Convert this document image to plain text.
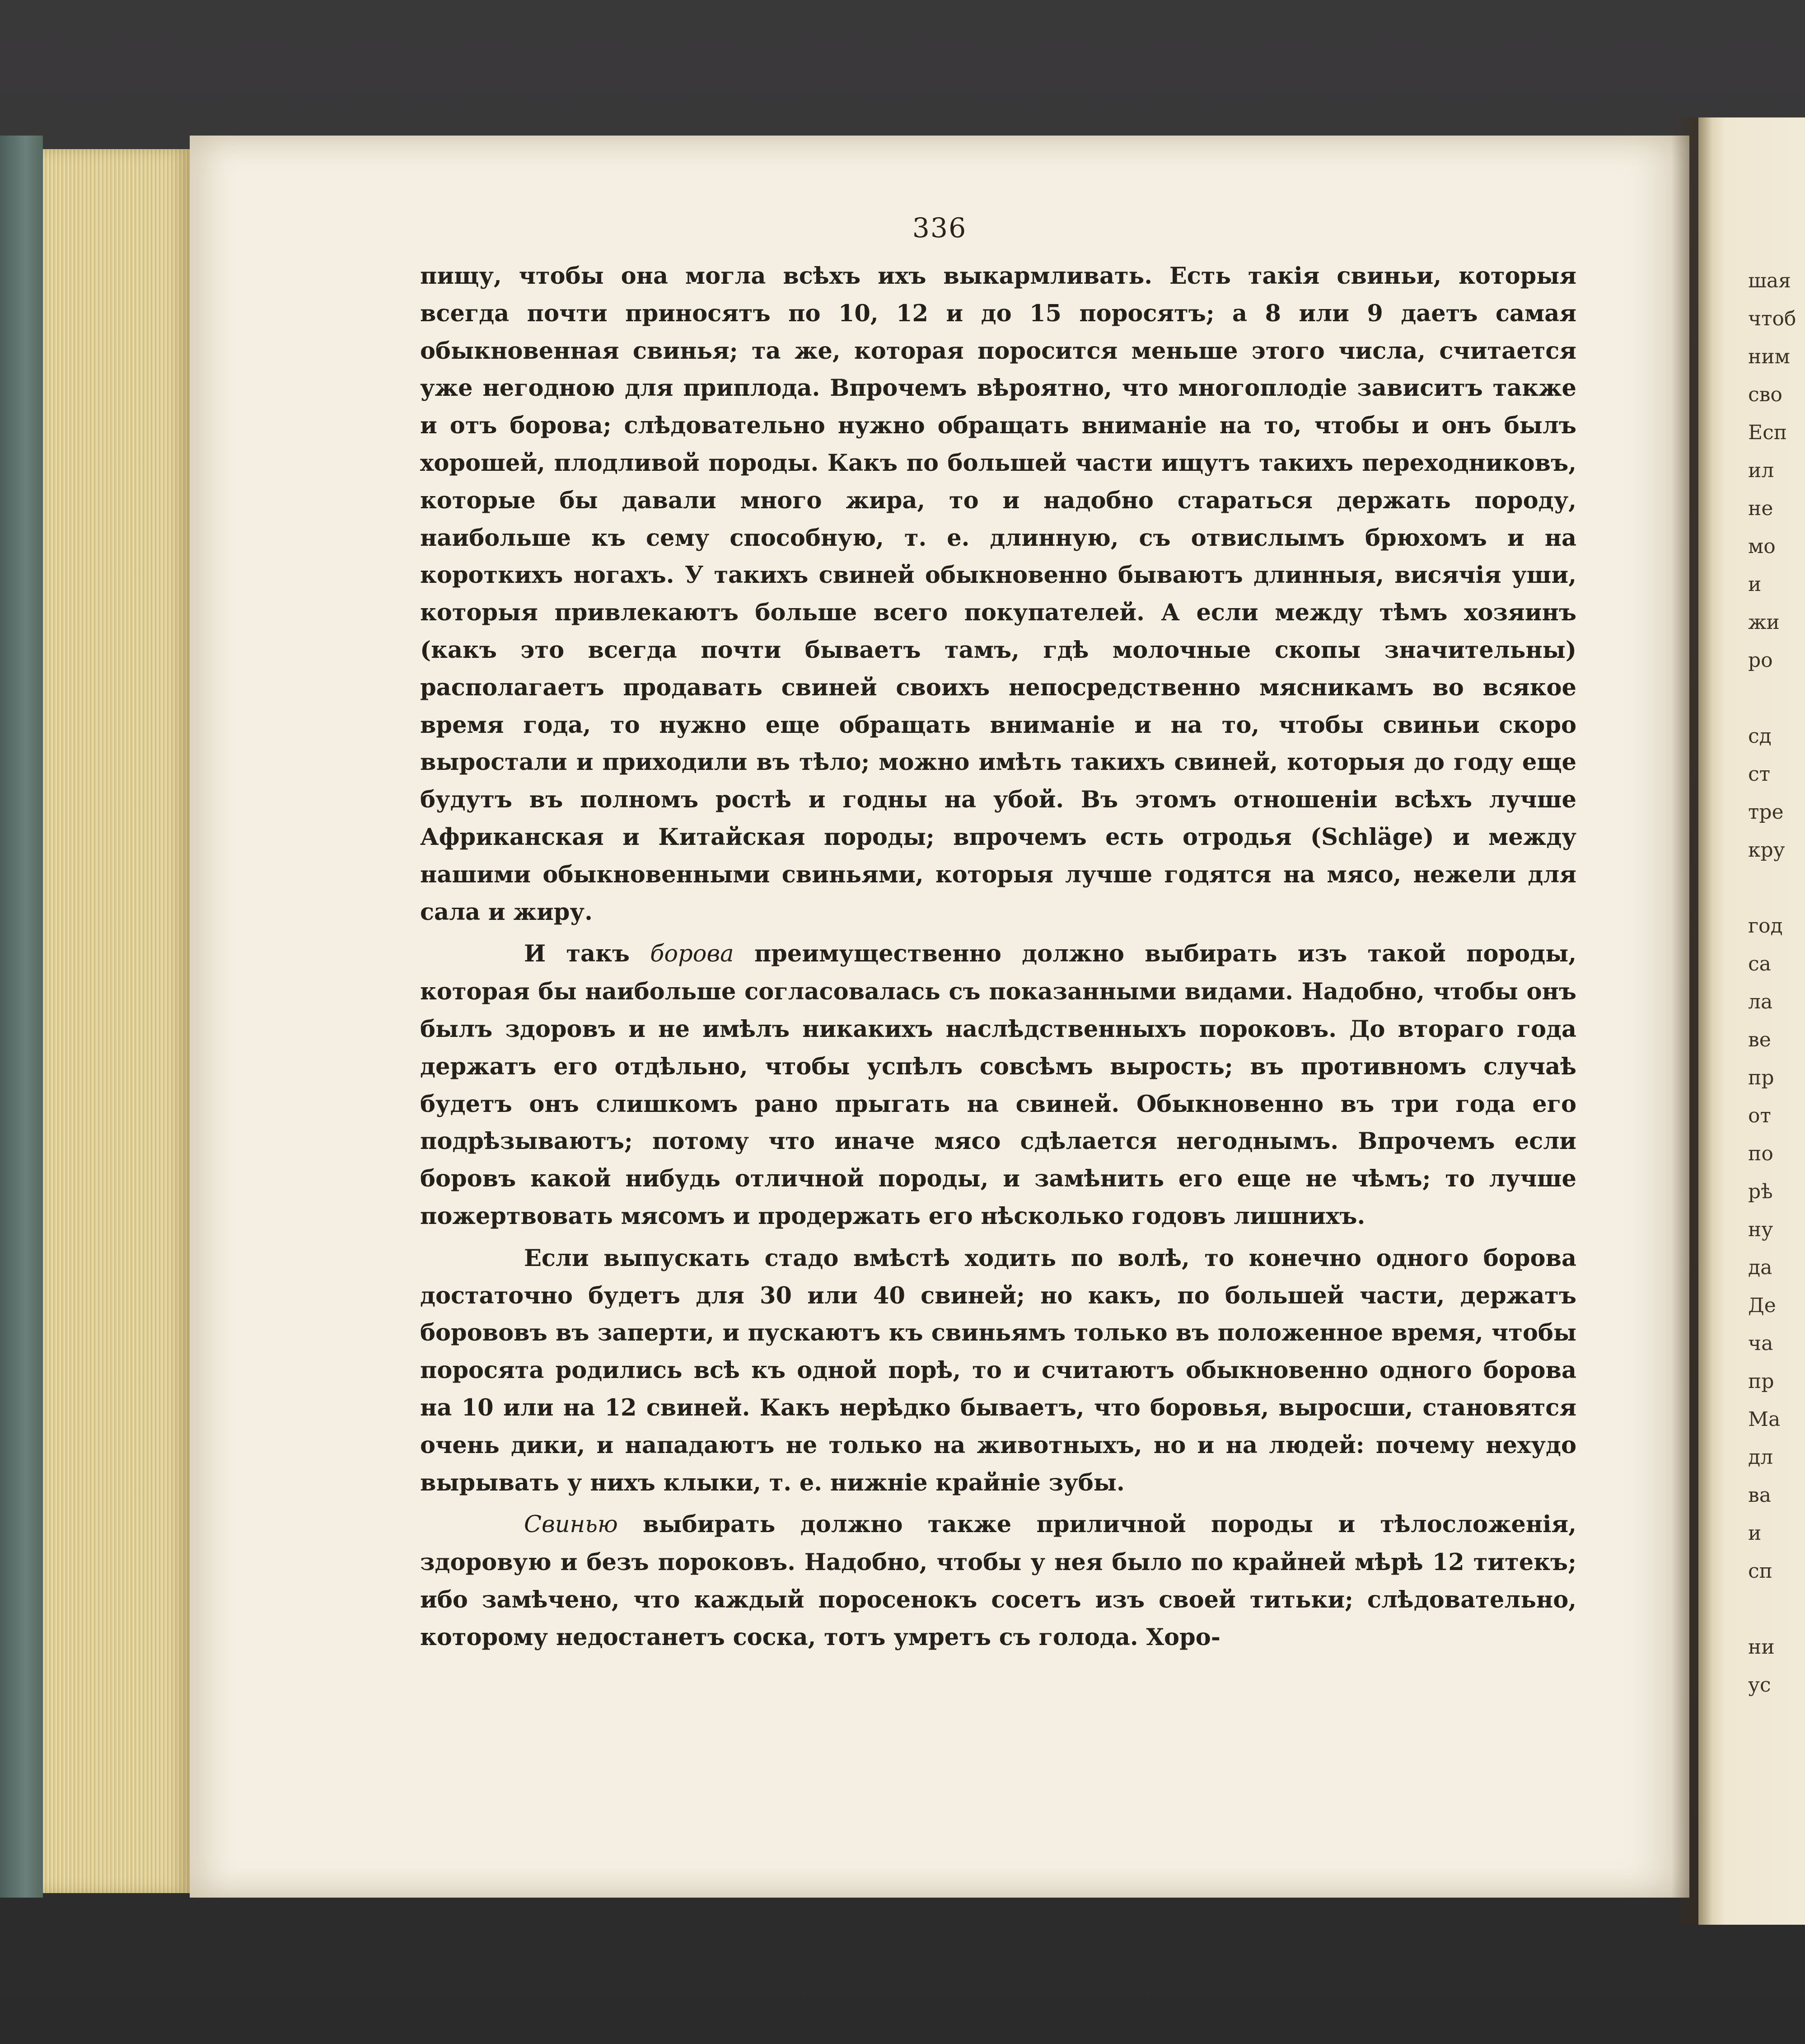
336

пищу, чтобы она могла всѣхъ ихъ выкармливать. Есть такія свиньи, которыя всегда почти приносятъ по 10, 12 и до 15 поросятъ; а 8 или 9 даетъ самая обыкновенная свинья; та же, которая поросится меньше этого числа, считается уже негодною для приплода. Впрочемъ вѣроятно, что многоплодіе зависитъ также и отъ борова; слѣдовательно нужно обращать вниманіе на то, чтобы и онъ былъ хорошей, плодливой породы. Какъ по большей части ищутъ такихъ переходниковъ, которые бы давали много жира, то и надобно стараться держать породу, наибольше къ сему способную, т. е. длинную, съ отвислымъ брюхомъ и на короткихъ ногахъ. У такихъ свиней обыкновенно бываютъ длинныя, висячія уши, которыя привлекаютъ больше всего покупателей. А если между тѣмъ хозяинъ (какъ это всегда почти бываетъ тамъ, гдѣ молочные скопы значительны) располагаетъ продавать свиней своихъ непосредственно мясникамъ во всякое время года, то нужно еще обращать вниманіе и на то, чтобы свиньи скоро выростали и приходили въ тѣло; можно имѣть такихъ свиней, которыя до году еще будутъ въ полномъ ростѣ и годны на убой. Въ этомъ отношеніи всѣхъ лучше Африканская и Китайская породы; впрочемъ есть отродья (Schläge) и между нашими обыкновенными свиньями, которыя лучше годятся на мясо, нежели для сала и жиру.

И такъ борова преимущественно должно выбирать изъ такой породы, которая бы наибольше согласовалась съ показанными видами. Надобно, чтобы онъ былъ здоровъ и не имѣлъ никакихъ наслѣдственныхъ пороковъ. До втораго года держатъ его отдѣльно, чтобы успѣлъ совсѣмъ вырость; въ противномъ случаѣ будетъ онъ слишкомъ рано прыгать на свиней. Обыкновенно въ три года его подрѣзываютъ; потому что иначе мясо сдѣлается негоднымъ. Впрочемъ если боровъ какой нибудь отличной породы, и замѣнить его еще не чѣмъ; то лучше пожертвовать мясомъ и продержать его нѣсколько годовъ лишнихъ.

Если выпускать стадо вмѣстѣ ходить по волѣ, то конечно одного борова достаточно будетъ для 30 или 40 свиней; но какъ, по большей части, держатъ борововъ въ заперти, и пускаютъ къ свиньямъ только въ положенное время, чтобы поросята родились всѣ къ одной порѣ, то и считаютъ обыкновенно одного борова на 10 или на 12 свиней. Какъ нерѣдко бываетъ, что боровья, выросши, становятся очень дики, и нападаютъ не только на животныхъ, но и на людей: почему нехудо вырывать у нихъ клыки, т. е. нижніе крайніе зубы.

Свинью выбирать должно также приличной породы и тѣлосложенія, здоровую и безъ пороковъ. Надобно, чтобы у нея было по крайней мѣрѣ 12 титекъ; ибо замѣчено, что каждый поросенокъ сосетъ изъ своей титьки; слѣдовательно, которому недостанетъ соска, тотъ умретъ съ голода. Хоро-

шая
чтоб
ним
сво
Есп
ил
не
мо
и
жи
ро
сд
ст
тре
кру
год
са
ла
ве
пр
от
по
рѣ
ну
да
Де
ча
пр
Ма
дл
ва
и
сп
ни
ус
